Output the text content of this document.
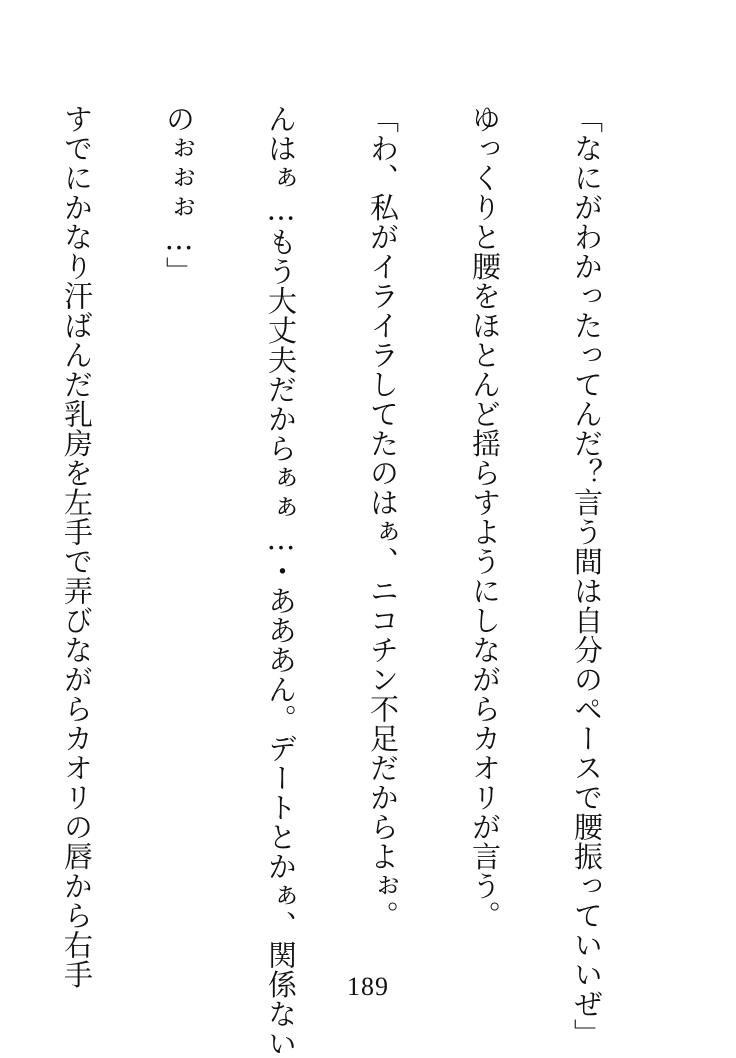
「なにがわかったってんだ？言う間は自分のペースで腰振っていいぜ」

ゆっくりと腰をほとんど揺らすようにしながらカオリが言う。

「わ、私がイライラしてたのはぁ、ニコチン不足だからよぉ。

んはぁ…もう大丈夫だからぁぁ…・あああん。デートとかぁ、関係ない

のぉぉぉ…」

すでにかなり汗ばんだ乳房を左手で弄びながらカオリの唇から右手

	189
